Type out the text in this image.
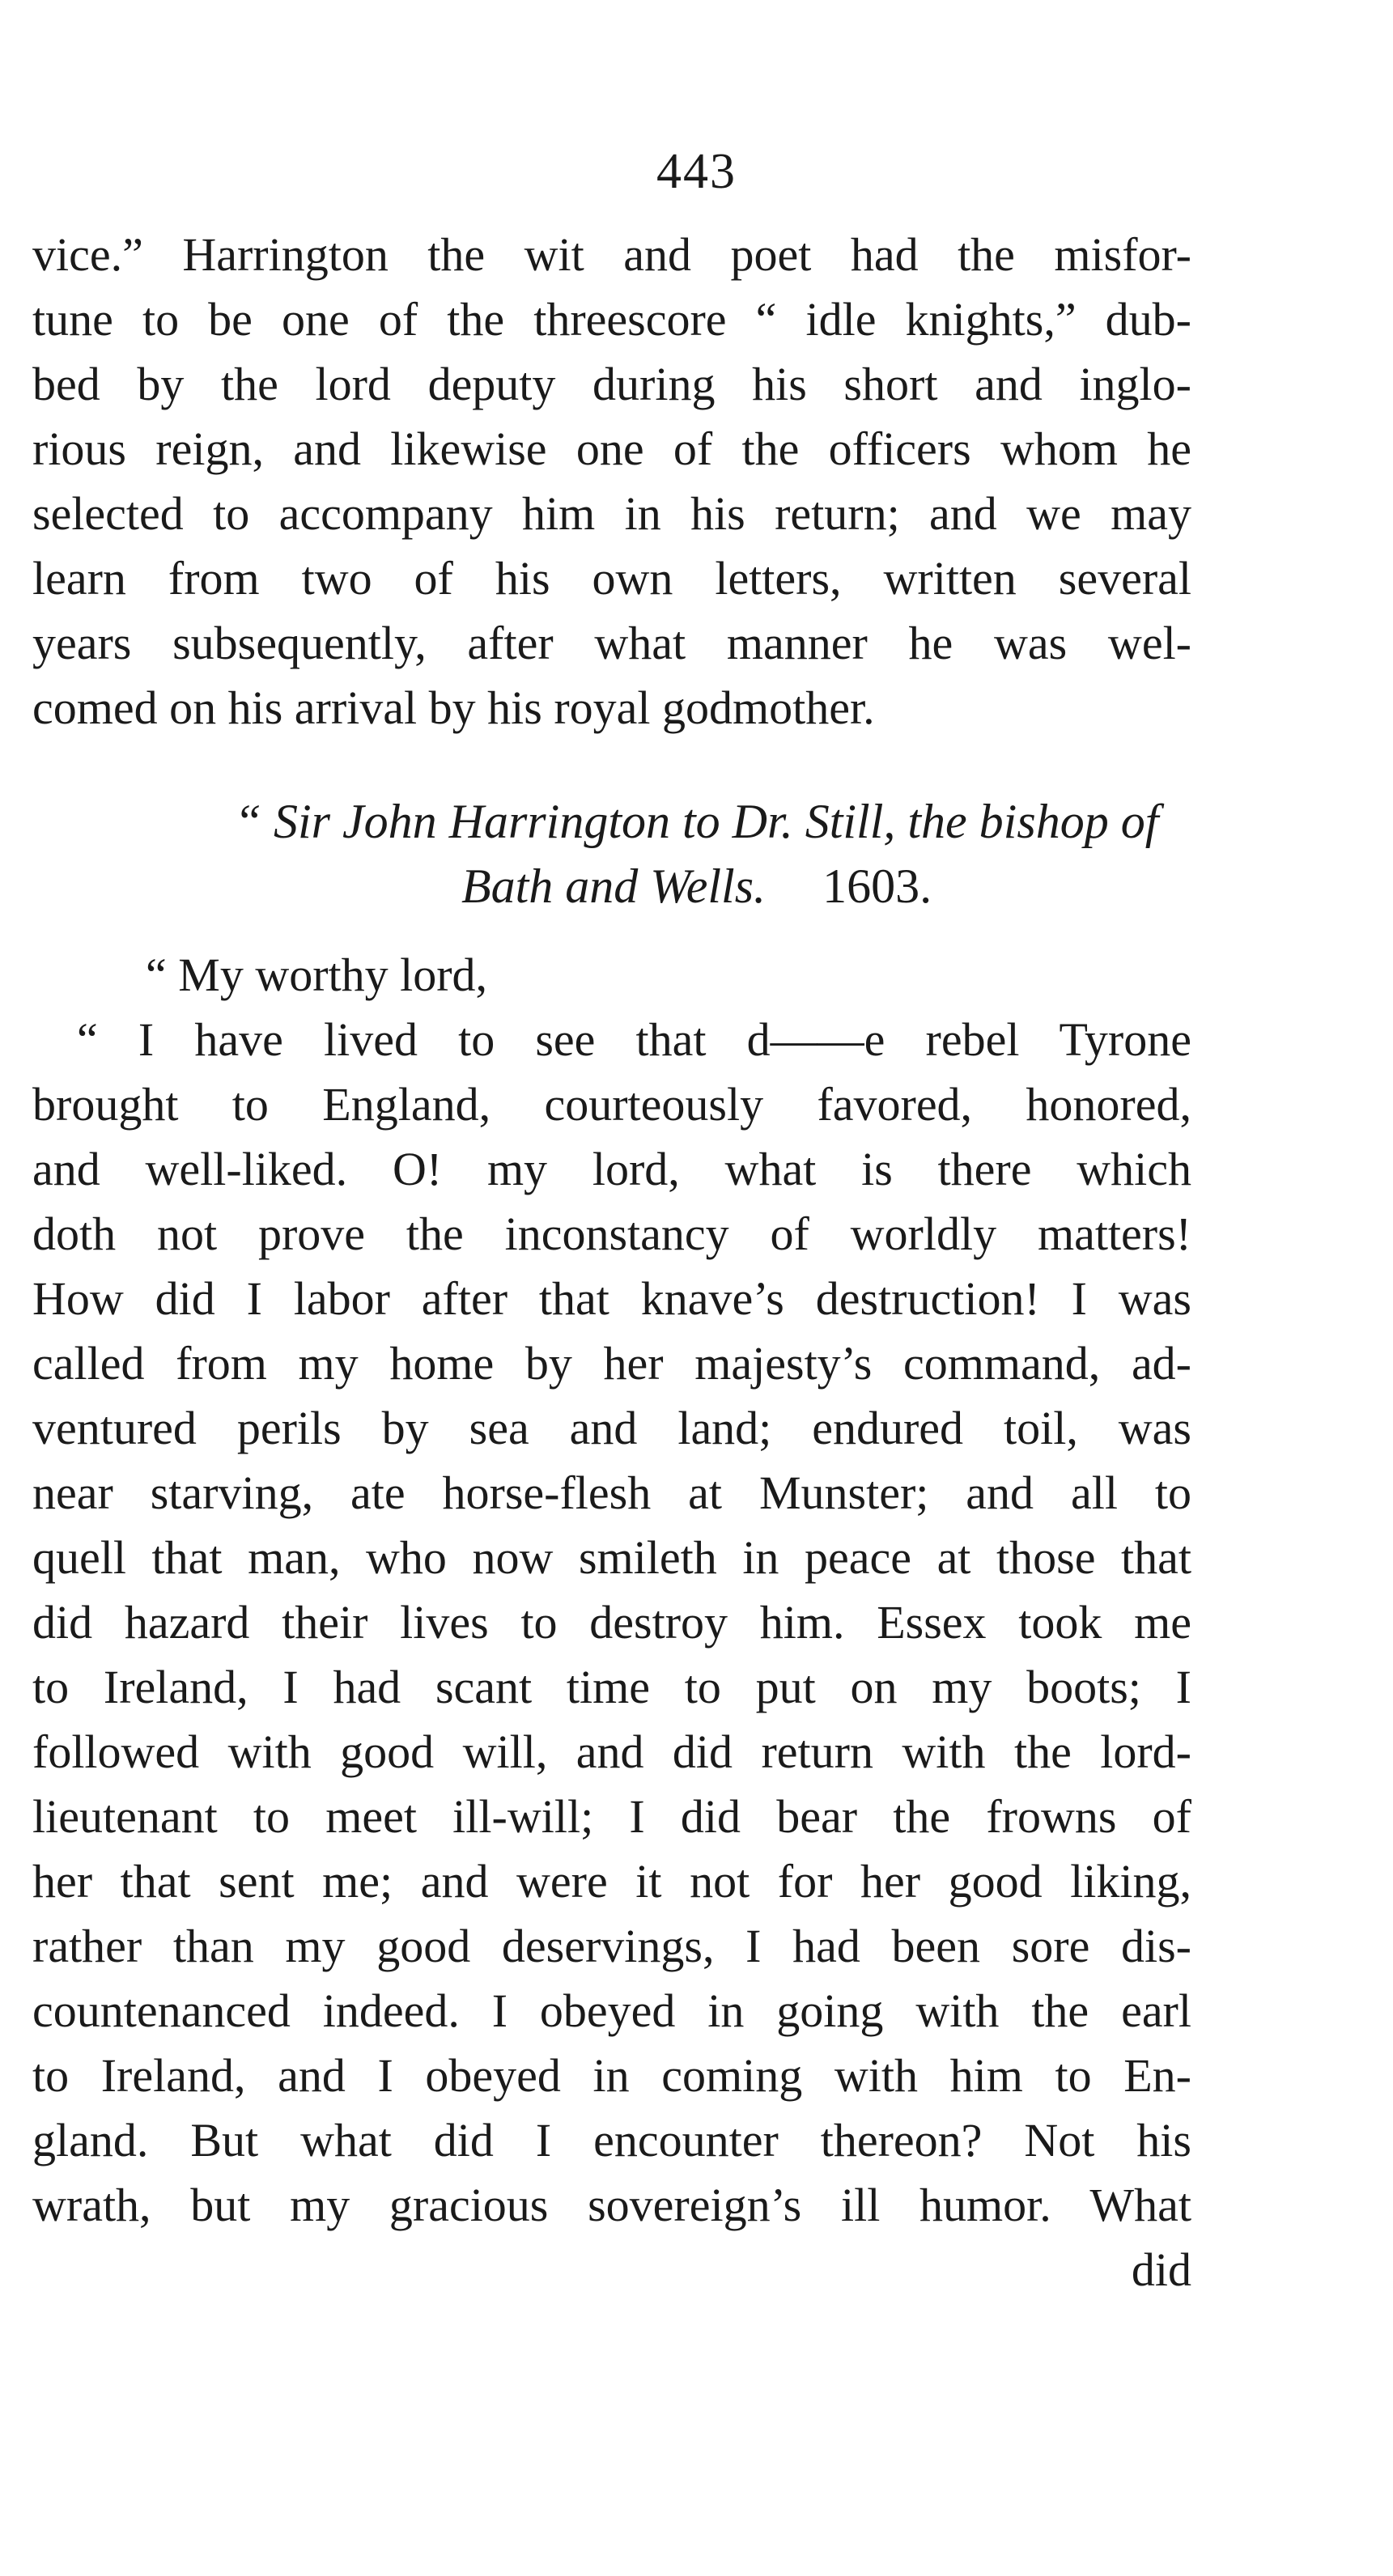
443
vice.” Harrington the wit and poet had the misfor-
tune to be one of the threescore “ idle knights,” dub-
bed by the lord deputy during his short and inglo-
rious reign, and likewise one of the officers whom he
selected to accompany him in his return; and we may
learn from two of his own letters, written several
years subsequently, after what manner he was wel-
comed on his arrival by his royal godmother.
“ Sir John Harrington to Dr. Still, the bishop of
Bath and Wells. 1603.
“ My worthy lord,
“ I have lived to see that d——e rebel Tyrone
brought to England, courteously favored, honored,
and well-liked. O! my lord, what is there which
doth not prove the inconstancy of worldly matters!
How did I labor after that knave’s destruction! I was
called from my home by her majesty’s command, ad-
ventured perils by sea and land; endured toil, was
near starving, ate horse-flesh at Munster; and all to
quell that man, who now smileth in peace at those that
did hazard their lives to destroy him. Essex took me
to Ireland, I had scant time to put on my boots; I
followed with good will, and did return with the lord-
lieutenant to meet ill-will; I did bear the frowns of
her that sent me; and were it not for her good liking,
rather than my good deservings, I had been sore dis-
countenanced indeed. I obeyed in going with the earl
to Ireland, and I obeyed in coming with him to En-
gland. But what did I encounter thereon? Not his
wrath, but my gracious sovereign’s ill humor. What
did
